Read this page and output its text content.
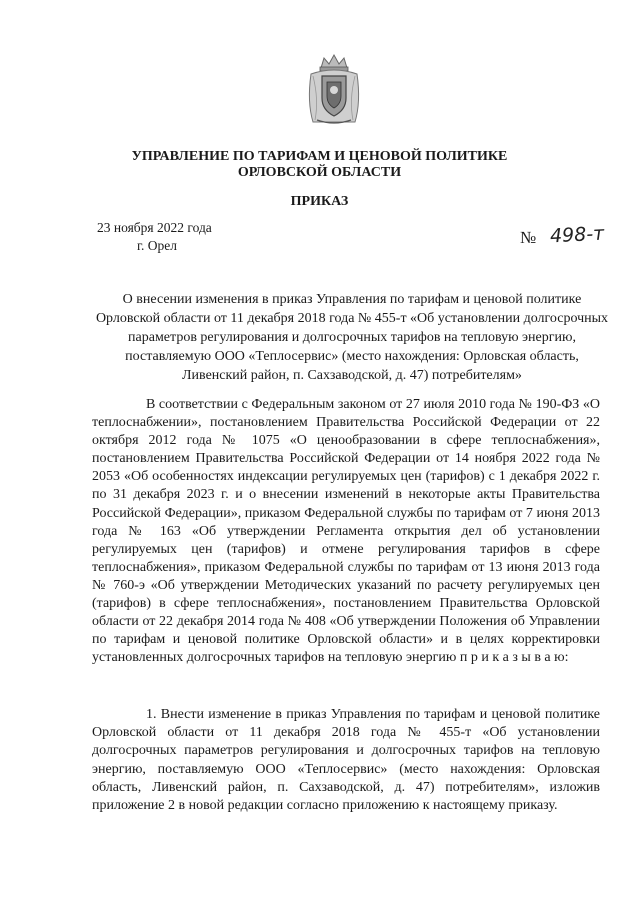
УПРАВЛЕНИЕ ПО ТАРИФАМ И ЦЕНОВОЙ ПОЛИТИКЕ
ОРЛОВСКОЙ ОБЛАСТИ
ПРИКАЗ
23 ноября 2022 года
г. Орел	№ 498-т
О внесении изменения в приказ Управления по тарифам и ценовой политике Орловской области от 11 декабря 2018 года № 455-т «Об установлении долгосрочных параметров регулирования и долгосрочных тарифов на тепловую энергию, поставляемую ООО «Теплосервис» (место нахождения: Орловская область, Ливенский район, п. Сахзаводской, д. 47) потребителям»

В соответствии с Федеральным законом от 27 июля 2010 года № 190-ФЗ «О теплоснабжении», постановлением Правительства Российской Федерации от 22 октября 2012 года № 1075 «О ценообразовании в сфере теплоснабжения», постановлением Правительства Российской Федерации от 14 ноября 2022 года № 2053 «Об особенностях индексации регулируемых цен (тарифов) с 1 декабря 2022 г. по 31 декабря 2023 г. и о внесении изменений в некоторые акты Правительства Российской Федерации», приказом Федеральной службы по тарифам от 7 июня 2013 года № 163 «Об утверждении Регламента открытия дел об установлении регулируемых цен (тарифов) и отмене регулирования тарифов в сфере теплоснабжения», приказом Федеральной службы по тарифам от 13 июня 2013 года № 760-э «Об утверждении Методических указаний по расчету регулируемых цен (тарифов) в сфере теплоснабжения», постановлением Правительства Орловской области от 22 декабря 2014 года № 408 «Об утверждении Положения об Управлении по тарифам и ценовой политике Орловской области» и в целях корректировки установленных долгосрочных тарифов на тепловую энергию п р и к а з ы в а ю:

1. Внести изменение в приказ Управления по тарифам и ценовой политике Орловской области от 11 декабря 2018 года № 455-т «Об установлении долгосрочных параметров регулирования и долгосрочных тарифов на тепловую энергию, поставляемую ООО «Теплосервис» (место нахождения: Орловская область, Ливенский район, п. Сахзаводской, д. 47) потребителям», изложив приложение 2 в новой редакции согласно приложению к настоящему приказу.
